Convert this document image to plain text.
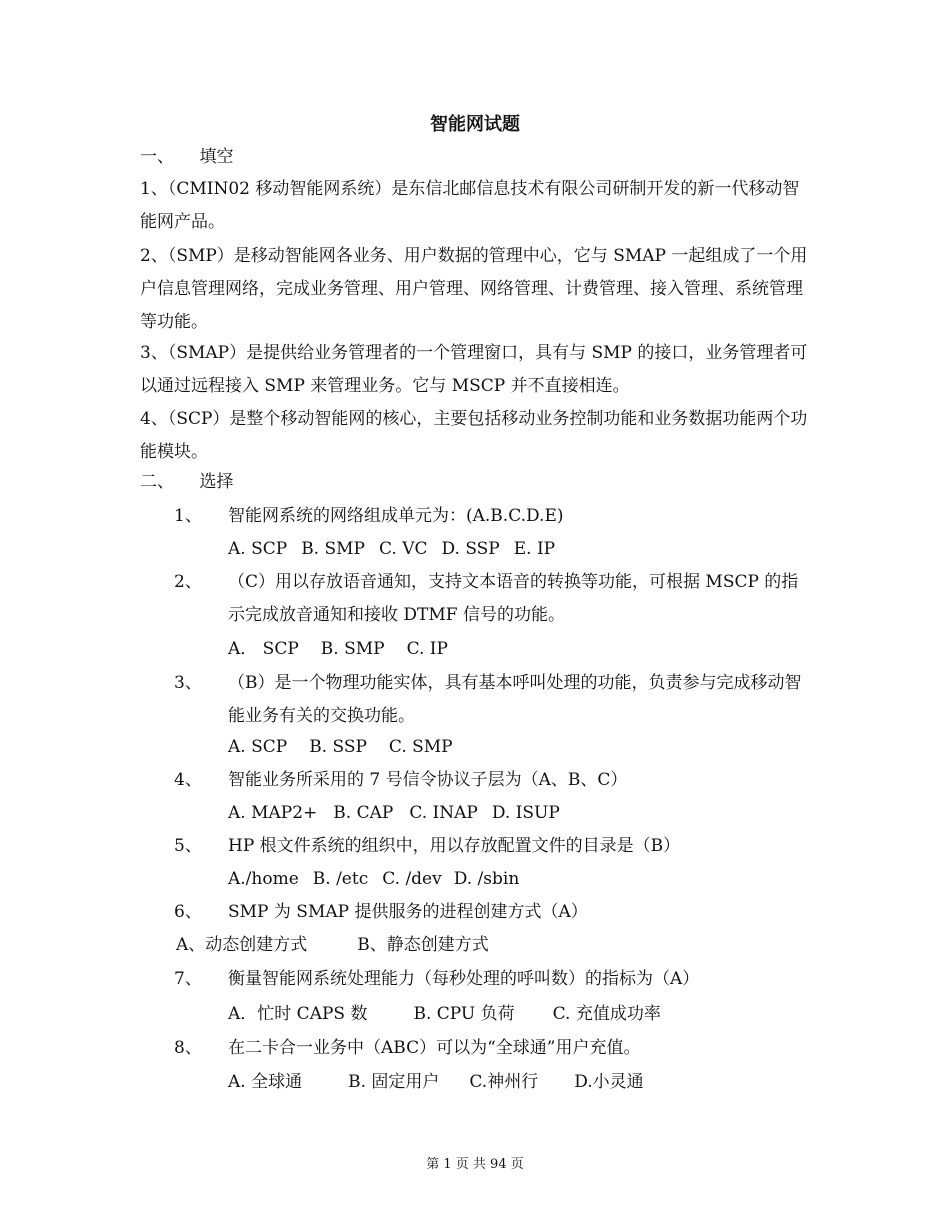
智能网试题
一、　　填空
1、（CMIN02 移动智能网系统）是东信北邮信息技术有限公司研制开发的新一代移动智能网产品。
2、（SMP）是移动智能网各业务、用户数据的管理中心，它与 SMAP 一起组成了一个用户信息管理网络，完成业务管理、用户管理、网络管理、计费管理、接入管理、系统管理等功能。
3、（SMAP）是提供给业务管理者的一个管理窗口，具有与 SMP 的接口，业务管理者可以通过远程接入 SMP 来管理业务。它与 MSCP 并不直接相连。
4、（SCP）是整个移动智能网的核心，主要包括移动业务控制功能和业务数据功能两个功能模块。
二、　　选择
1、 智能网系统的网络组成单元为：(A.B.C.D.E)
A. SCP B. SMP C. VC D. SSP E. IP
2、 （C）用以存放语音通知，支持文本语音的转换等功能，可根据 MSCP 的指示完成放音通知和接收 DTMF 信号的功能。
A． SCP B. SMP C. IP
3、 （B）是一个物理功能实体，具有基本呼叫处理的功能，负责参与完成移动智能业务有关的交换功能。
A. SCP B. SSP C. SMP
4、 智能业务所采用的 7 号信令协议子层为（A、B、C）
A. MAP2+ B. CAP C. INAP D. ISUP
5、 HP 根文件系统的组织中，用以存放配置文件的目录是（B）
A./home B. /etc C. /dev D. /sbin
6、 SMP 为 SMAP 提供服务的进程创建方式（A）
A、动态创建方式	B、静态创建方式
7、 衡量智能网系统处理能力（每秒处理的呼叫数）的指标为（A）
A．忙时 CAPS 数	B. CPU 负荷 C. 充值成功率
8、 在二卡合一业务中（ABC）可以为“全球通”用户充值。
A. 全球通	B. 固定用户 C.神州行 D.小灵通
第 1 页 共 94 页
